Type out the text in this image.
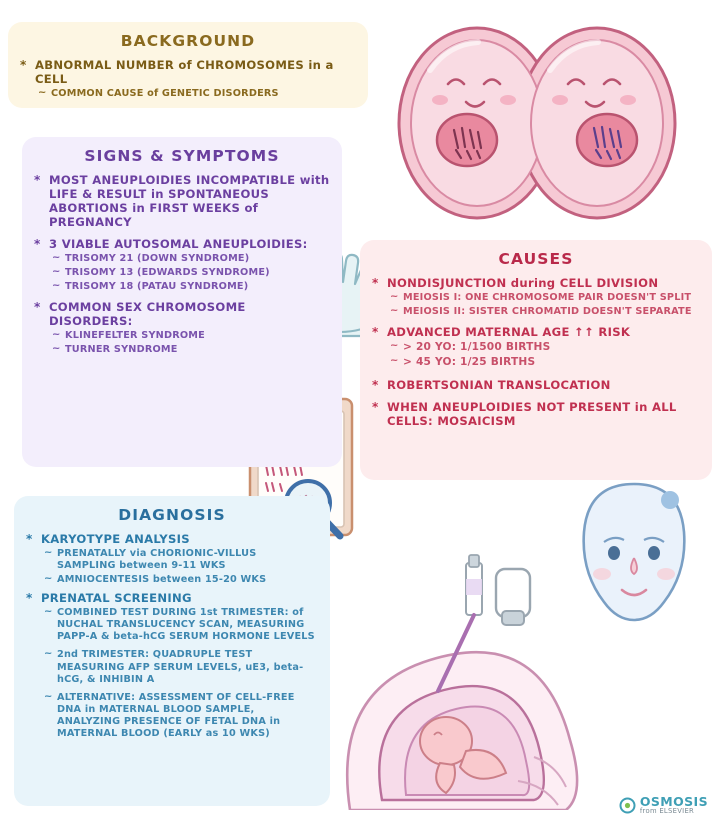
BACKGROUND
* ABNORMAL NUMBER of CHROMOSOMES in a CELL
~ COMMON CAUSE of GENETIC DISORDERS
SIGNS & SYMPTOMS
* MOST ANEUPLOIDIES INCOMPATIBLE with LIFE & RESULT in SPONTANEOUS ABORTIONS in FIRST WEEKS of PREGNANCY
* 3 VIABLE AUTOSOMAL ANEUPLOIDIES:
~ TRISOMY 21 (DOWN SYNDROME)
~ TRISOMY 13 (EDWARDS SYNDROME)
~ TRISOMY 18 (PATAU SYNDROME)
* COMMON SEX CHROMOSOME DISORDERS:
~ KLINEFELTER SYNDROME
~ TURNER SYNDROME
CAUSES
* NONDISJUNCTION during CELL DIVISION
~ MEIOSIS I: ONE CHROMOSOME PAIR DOESN'T SPLIT
~ MEIOSIS II: SISTER CHROMATID DOESN'T SEPARATE
* ADVANCED MATERNAL AGE ↑↑ RISK
~ > 20 YO: 1/1500 BIRTHS
~ > 45 YO: 1/25 BIRTHS
* ROBERTSONIAN TRANSLOCATION
* WHEN ANEUPLOIDIES NOT PRESENT in ALL CELLS: MOSAICISM
DIAGNOSIS
* KARYOTYPE ANALYSIS
~ PRENATALLY via CHORIONIC-VILLUS SAMPLING between 9-11 WKS
~ AMNIOCENTESIS between 15-20 WKS
* PRENATAL SCREENING
~ COMBINED TEST DURING 1st TRIMESTER: of NUCHAL TRANSLUCENCY SCAN, MEASURING PAPP-A & beta-hCG SERUM HORMONE LEVELS
~ 2nd TRIMESTER: QUADRUPLE TEST MEASURING AFP SERUM LEVELS, uE3, beta-hCG, & INHIBIN A
~ ALTERNATIVE: ASSESSMENT OF CELL-FREE DNA in MATERNAL BLOOD SAMPLE, ANALYZING PRESENCE OF FETAL DNA in MATERNAL BLOOD (EARLY as 10 WKS)
OSMOSIS
from ELSEVIER
